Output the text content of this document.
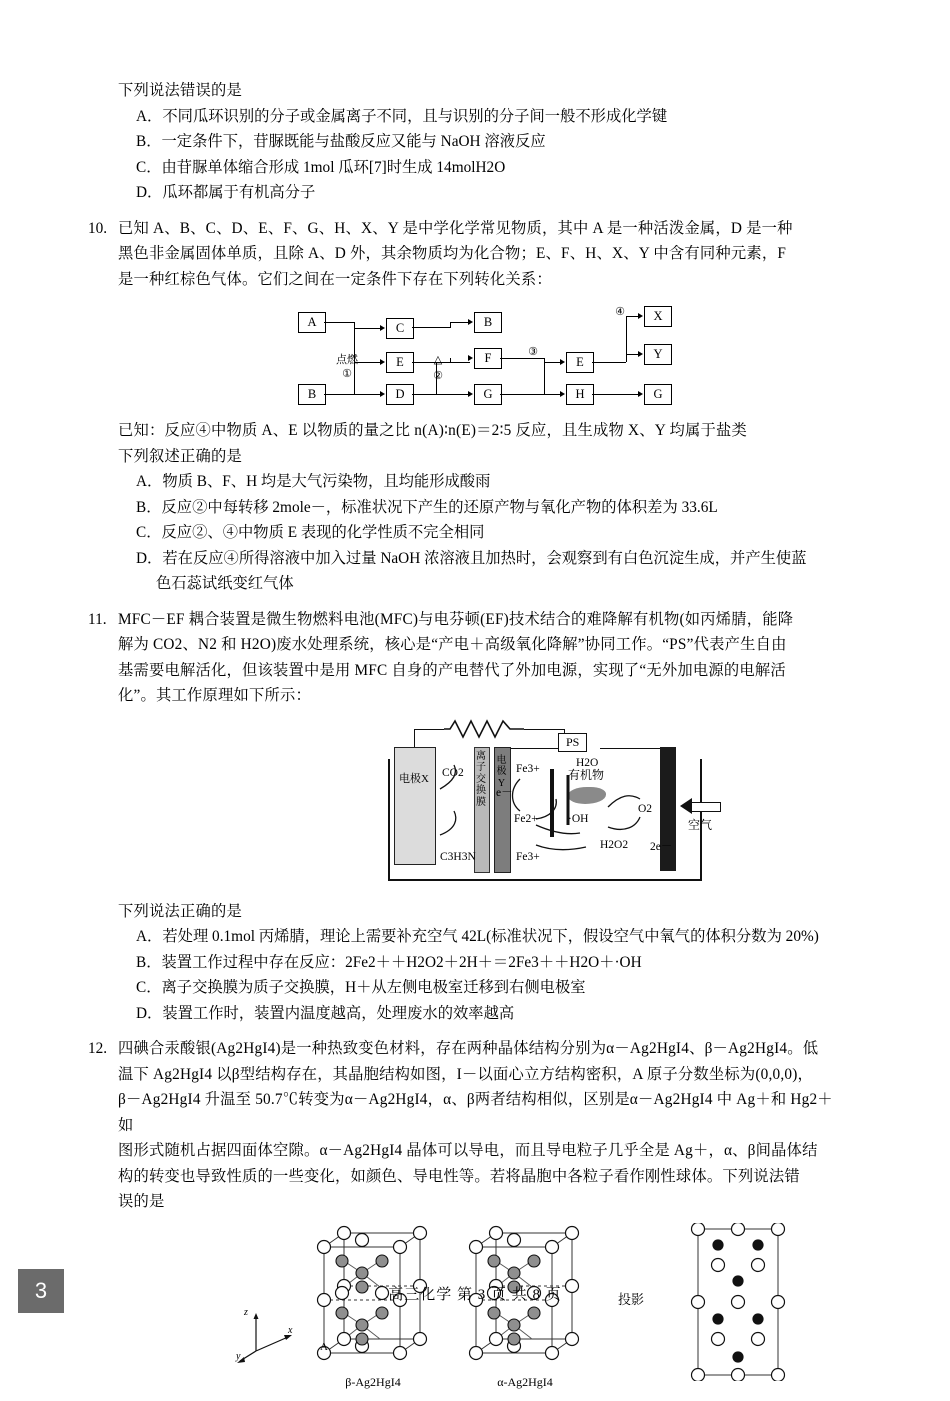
下列说法错误的是
A．不同瓜环识别的分子或金属离子不同，且与识别的分子间一般不形成化学键
B．一定条件下，苷脲既能与盐酸反应又能与 NaOH 溶液反应
C．由苷脲单体缩合形成 1mol 瓜环[7]时生成 14molH2O
D．瓜环都属于有机高分子
10. 已知 A、B、C、D、E、F、G、H、X、Y 是中学化学常见物质，其中 A 是一种活泼金属，D 是一种
黑色非金属固体单质，且除 A、D 外，其余物质均为化合物；E、F、H、X、Y 中含有同种元素，F
是一种红棕色气体。它们之间在一定条件下存在下列转化关系：
A
B
C
E
D
B
F
G
E
H
X
Y
G
点燃
①
△
②
③
④
已知：反应④中物质 A、E 以物质的量之比 n(A)∶n(E)＝2∶5 反应，且生成物 X、Y 均属于盐类
下列叙述正确的是
A．物质 B、F、H 均是大气污染物，且均能形成酸雨
B．反应②中每转移 2mole－，标准状况下产生的还原产物与氧化产物的体积差为 33.6L
C．反应②、④中物质 E 表现的化学性质不完全相同
D．若在反应④所得溶液中加入过量 NaOH 浓溶液且加热时，会观察到有白色沉淀生成，并产生使蓝
色石蕊试纸变红气体
11. MFC－EF 耦合装置是微生物燃料电池(MFC)与电芬顿(EF)技术结合的难降解有机物(如丙烯腈，能降
解为 CO2、N2 和 H2O)废水处理系统，核心是“产电＋高级氧化降解”协同工作。“PS”代表产生自由
基需要电解活化，但该装置中是用 MFC 自身的产电替代了外加电源，实现了“无外加电源的电解活
化”。其工作原理如下所示：
PS
电极X
离子交换膜
电极Y
CO2
C3H3N
Fe3+
e－
Fe2+
Fe3+
H2O
·OH
O2
H2O2 2e－
有机物
空气
下列说法正确的是
A．若处理 0.1mol 丙烯腈，理论上需要补充空气 42L(标准状况下，假设空气中氧气的体积分数为 20%)
B．装置工作过程中存在反应：2Fe2＋＋H2O2＋2H＋＝2Fe3＋＋H2O＋·OH
C．离子交换膜为质子交换膜，H＋从左侧电极室迁移到右侧电极室
D．装置工作时，装置内温度越高，处理废水的效率越高
12. 四碘合汞酸银(Ag2HgI4)是一种热致变色材料，存在两种晶体结构分别为α－Ag2HgI4、β－Ag2HgI4。低
温下 Ag2HgI4 以β型结构存在，其晶胞结构如图，I－以面心立方结构密积，A 原子分数坐标为(0,0,0)，
β－Ag2HgI4 升温至 50.7℃转变为α－Ag2HgI4，α、β两者结构相似，区别是α－Ag2HgI4 中 Ag＋和 Hg2＋如
图形式随机占据四面体空隙。α－Ag2HgI4 晶体可以导电，而且导电粒子几乎全是 Ag＋，α、β间晶体结
构的转变也导致性质的一些变化，如颜色、导电性等。若将晶胞中各粒子看作刚性球体。下列说法错
误的是
A
z
x
y
投影
β-Ag2HgI4	α-Ag2HgI4
3	高三化学 第 3 页 共 8 页
